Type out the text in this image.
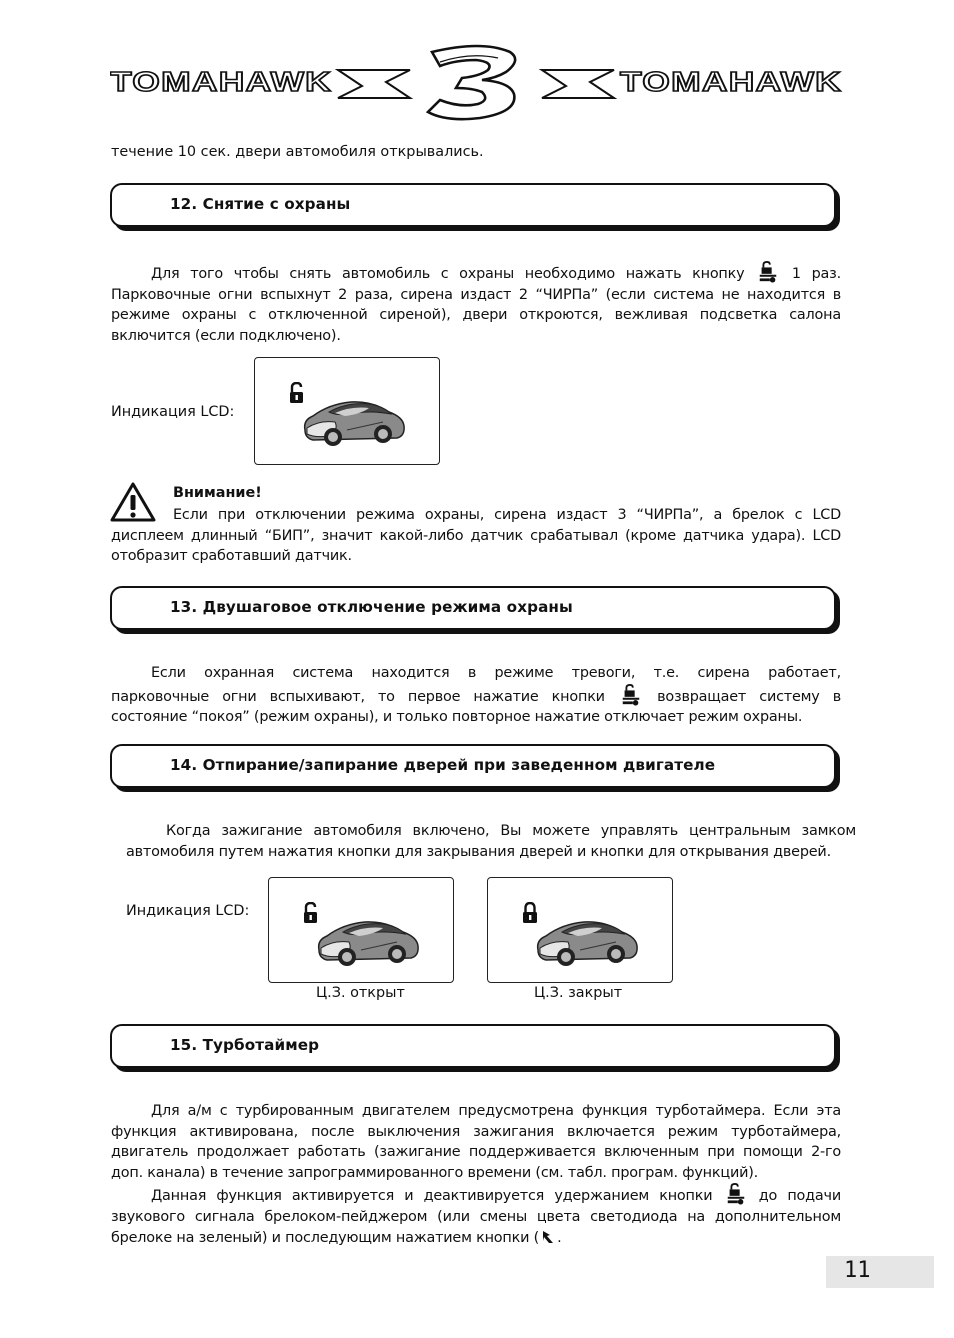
TOMAHAWK	TOMAHAWK
течение 10 сек. двери автомобиля открывались.
12. Снятие с охраны
Для того чтобы снять автомобиль с охраны необходимо нажать кнопку	1 раз.
Парковочные огни вспыхнут 2 раза, сирена издаст 2 “ЧИРПа” (если система не находится в
режиме охраны с отключенной сиреной), двери откроются, вежливая подсветка салона
включится (если подключено).
Индикация LCD:
Внимание!
Если при отключении режима охраны, сирена издаст 3 “ЧИРПа”, а брелок с LCD
дисплеем длинный “БИП”, значит какой-либо датчик срабатывал (кроме датчика удара). LCD
отобразит сработавший датчик.
13. Двушаговое отключение режима охраны
Если охранная система находится в режиме тревоги, т.е. сирена работает,
парковочные огни вспыхивают, то первое нажатие кнопки	возвращает систему в
состояние “покоя” (режим охраны), и только повторное нажатие отключает режим охраны.
14. Отпирание/запирание дверей при заведенном двигателе
Когда зажигание автомобиля включено, Вы можете управлять центральным замком
автомобиля путем нажатия кнопки для закрывания дверей и кнопки для открывания дверей.
Индикация LCD:
Ц.З. открыт	Ц.З. закрыт
15. Турботаймер
Для а/м с турбированным двигателем предусмотрена функция турботаймера. Если эта
функция активирована, после выключения зажигания включается режим турботаймера,
двигатель продолжает работать (зажигание поддерживается включенным при помощи 2-го
доп. канала) в течение запрограммированного времени (см. табл. програм. функций).
Данная функция активируется и деактивируется удержанием кнопки	до подачи
звукового сигнала брелоком-пейджером (или смены цвета светодиода на дополнительном
брелоке на зеленый) и последующим нажатием кнопки ( .
11
